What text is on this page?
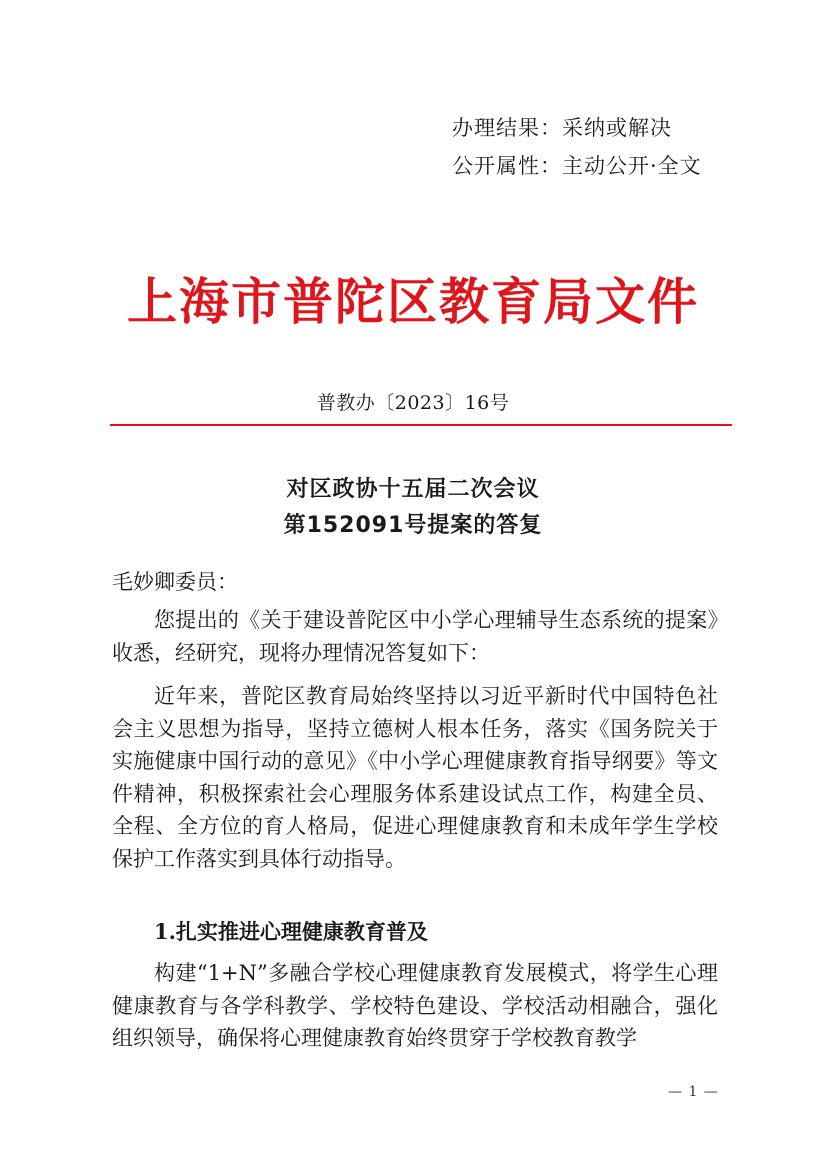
办理结果：采纳或解决
公开属性：主动公开·全文
上海市普陀区教育局文件
普教办〔2023〕16号
对区政协十五届二次会议
第152091号提案的答复
毛妙卿委员：

您提出的《关于建设普陀区中小学心理辅导生态系统的提案》收悉，经研究，现将办理情况答复如下：

近年来，普陀区教育局始终坚持以习近平新时代中国特色社会主义思想为指导，坚持立德树人根本任务，落实《国务院关于实施健康中国行动的意见》《中小学心理健康教育指导纲要》等文件精神，积极探索社会心理服务体系建设试点工作，构建全员、全程、全方位的育人格局，促进心理健康教育和未成年学生学校保护工作落实到具体行动指导。

1.扎实推进心理健康教育普及

构建“1+N”多融合学校心理健康教育发展模式，将学生心理健康教育与各学科教学、学校特色建设、学校活动相融合，强化组织领导，确保将心理健康教育始终贯穿于学校教育教学

— 1 —
